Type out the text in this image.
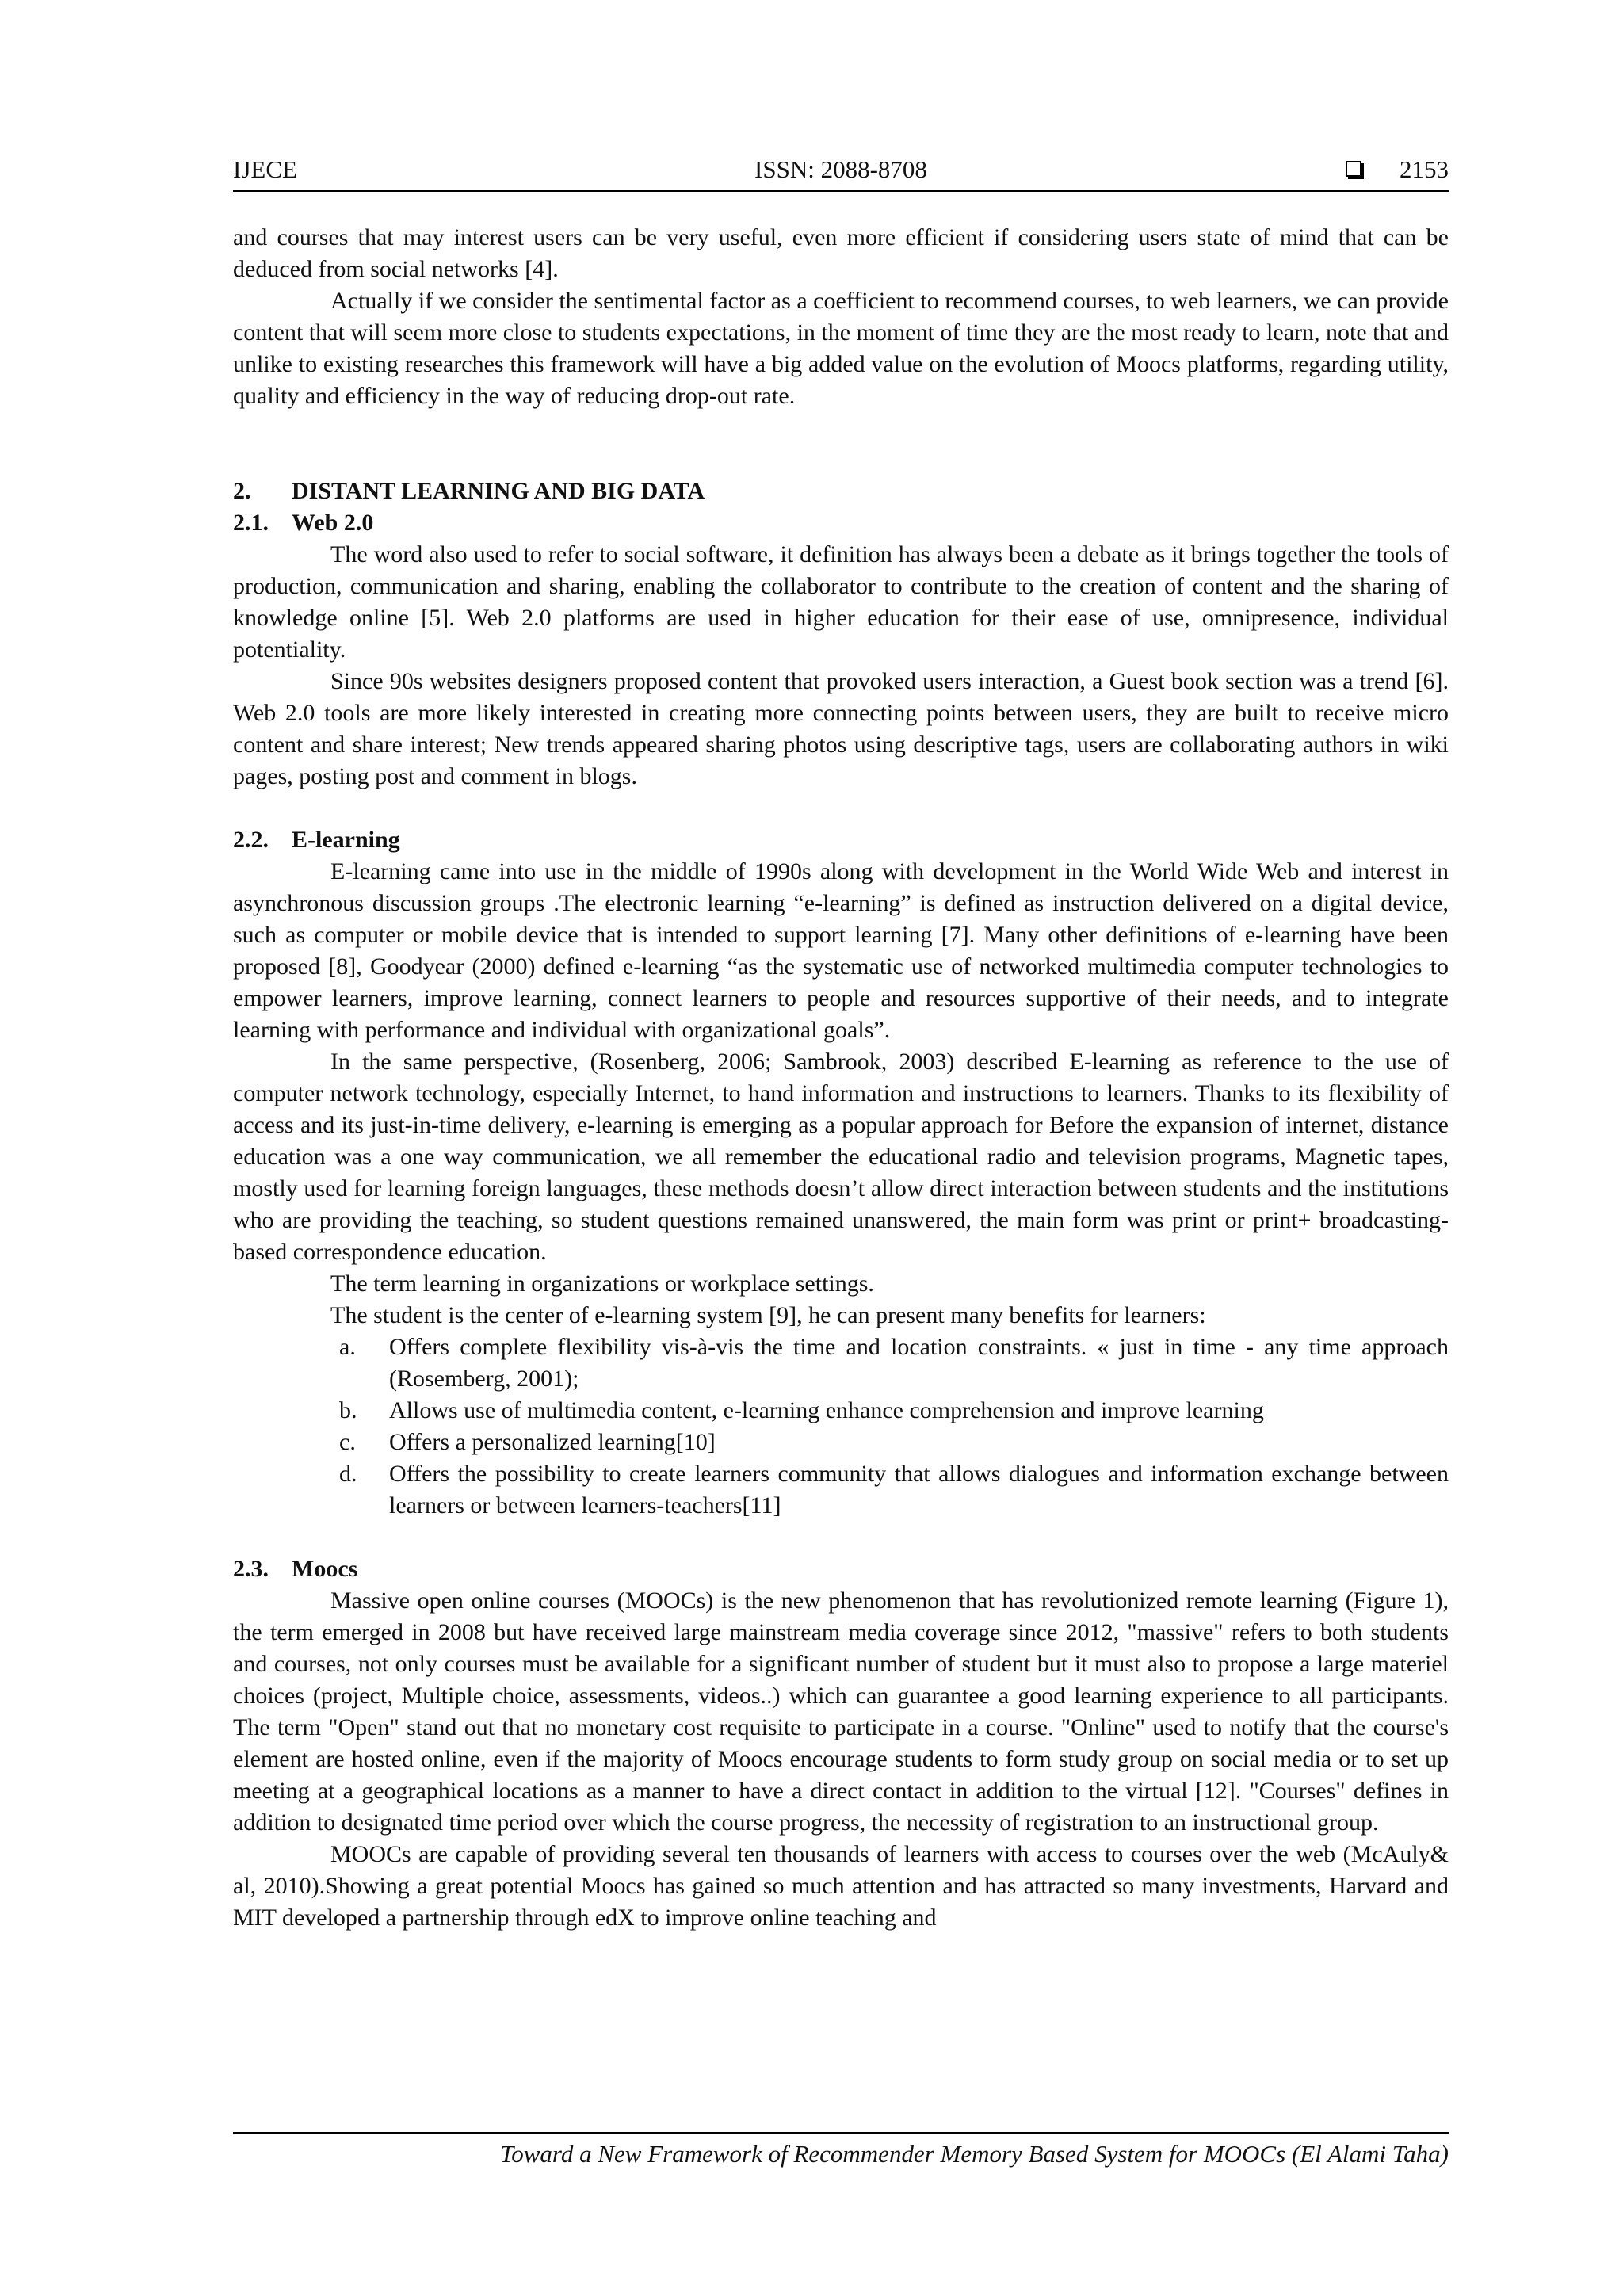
IJECE	ISSN: 2088-8708	2153

and courses that may interest users can be very useful, even more efficient if considering users state of mind that can be deduced from social networks [4].

Actually if we consider the sentimental factor as a coefficient to recommend courses, to web learners, we can provide content that will seem more close to students expectations, in the moment of time they are the most ready to learn, note that and unlike to existing researches this framework will have a big added value on the evolution of Moocs platforms, regarding utility, quality and efficiency in the way of reducing drop-out rate.

2. DISTANT LEARNING AND BIG DATA
2.1. Web 2.0

The word also used to refer to social software, it definition has always been a debate as it brings together the tools of production, communication and sharing, enabling the collaborator to contribute to the creation of content and the sharing of knowledge online [5]. Web 2.0 platforms are used in higher education for their ease of use, omnipresence, individual potentiality.

Since 90s websites designers proposed content that provoked users interaction, a Guest book section was a trend [6]. Web 2.0 tools are more likely interested in creating more connecting points between users, they are built to receive micro content and share interest; New trends appeared sharing photos using descriptive tags, users are collaborating authors in wiki pages, posting post and comment in blogs.

2.2. E-learning

E-learning came into use in the middle of 1990s along with development in the World Wide Web and interest in asynchronous discussion groups .The electronic learning “e-learning” is defined as instruction delivered on a digital device, such as computer or mobile device that is intended to support learning [7]. Many other definitions of e-learning have been proposed [8], Goodyear (2000) defined e-learning “as the systematic use of networked multimedia computer technologies to empower learners, improve learning, connect learners to people and resources supportive of their needs, and to integrate learning with performance and individual with organizational goals”.

In the same perspective, (Rosenberg, 2006; Sambrook, 2003) described E-learning as reference to the use of computer network technology, especially Internet, to hand information and instructions to learners. Thanks to its flexibility of access and its just-in-time delivery, e-learning is emerging as a popular approach for Before the expansion of internet, distance education was a one way communication, we all remember the educational radio and television programs, Magnetic tapes, mostly used for learning foreign languages, these methods doesn’t allow direct interaction between students and the institutions who are providing the teaching, so student questions remained unanswered, the main form was print or print+ broadcasting-based correspondence education.

The term learning in organizations or workplace settings.

The student is the center of e-learning system [9], he can present many benefits for learners:

a. Offers complete flexibility vis-à-vis the time and location constraints. « just in time - any time approach (Rosemberg, 2001);
b. Allows use of multimedia content, e-learning enhance comprehension and improve learning
c. Offers a personalized learning[10]
d. Offers the possibility to create learners community that allows dialogues and information exchange between learners or between learners-teachers[11]
2.3. Moocs

Massive open online courses (MOOCs) is the new phenomenon that has revolutionized remote learning (Figure 1), the term emerged in 2008 but have received large mainstream media coverage since 2012, "massive" refers to both students and courses, not only courses must be available for a significant number of student but it must also to propose a large materiel choices (project, Multiple choice, assessments, videos..) which can guarantee a good learning experience to all participants. The term "Open" stand out that no monetary cost requisite to participate in a course. "Online" used to notify that the course's element are hosted online, even if the majority of Moocs encourage students to form study group on social media or to set up meeting at a geographical locations as a manner to have a direct contact in addition to the virtual [12]. "Courses" defines in addition to designated time period over which the course progress, the necessity of registration to an instructional group.

MOOCs are capable of providing several ten thousands of learners with access to courses over the web (McAuly& al, 2010).Showing a great potential Moocs has gained so much attention and has attracted so many investments, Harvard and MIT developed a partnership through edX to improve online teaching and

Toward a New Framework of Recommender Memory Based System for MOOCs (El Alami Taha)
